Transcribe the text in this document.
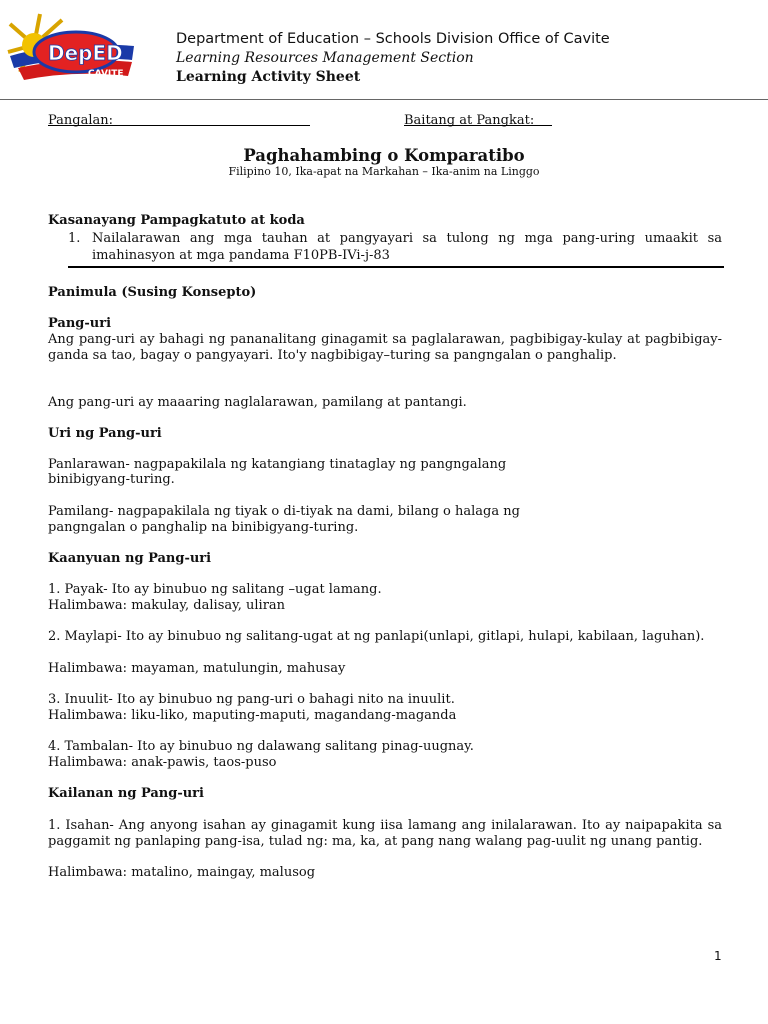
DepED
CAVITE
Department of Education – Schools Division Office of Cavite
Learning Resources Management Section
Learning Activity Sheet
Pangalan:	Baitang at Pangkat:
Paghahambing o Komparatibo
Filipino 10, Ika-apat na Markahan – Ika-anim na Linggo
Kasanayang Pampagkatuto at koda
1. Nailalarawan ang mga tauhan at pangyayari sa tulong ng mga pang-uring umaakit sa imahinasyon at mga pandama F10PB-IVi-j-83
Panimula (Susing Konsepto)
Pang-uri
Ang pang-uri ay bahagi ng pananalitang ginagamit sa paglalarawan, pagbibigay-kulay at pagbibigay-ganda sa tao, bagay o pangyayari. Ito'y nagbibigay–turing sa pangngalan o panghalip.
Ang pang-uri ay maaaring naglalarawan, pamilang at pantangi.
Uri ng Pang-uri
Panlarawan- nagpapakilala ng katangiang tinataglay ng pangngalang
binibigyang-turing.
Pamilang- nagpapakilala ng tiyak o di-tiyak na dami, bilang o halaga ng
pangngalan o panghalip na binibigyang-turing.
Kaanyuan ng Pang-uri
1. Payak- Ito ay binubuo ng salitang –ugat lamang.
Halimbawa: makulay, dalisay, uliran
2. Maylapi- Ito ay binubuo ng salitang-ugat at ng panlapi(unlapi, gitlapi, hulapi, kabilaan, laguhan).
Halimbawa: mayaman, matulungin, mahusay
3. Inuulit- Ito ay binubuo ng pang-uri o bahagi nito na inuulit.
Halimbawa: liku-liko, maputing-maputi, magandang-maganda
4. Tambalan- Ito ay binubuo ng dalawang salitang pinag-uugnay.
Halimbawa: anak-pawis, taos-puso
Kailanan ng Pang-uri
1. Isahan- Ang anyong isahan ay ginagamit kung iisa lamang ang inilalarawan. Ito ay naipapakita sa paggamit ng panlaping pang-isa, tulad ng: ma, ka, at pang nang walang pag-uulit ng unang pantig.
Halimbawa: matalino, maingay, malusog
1
